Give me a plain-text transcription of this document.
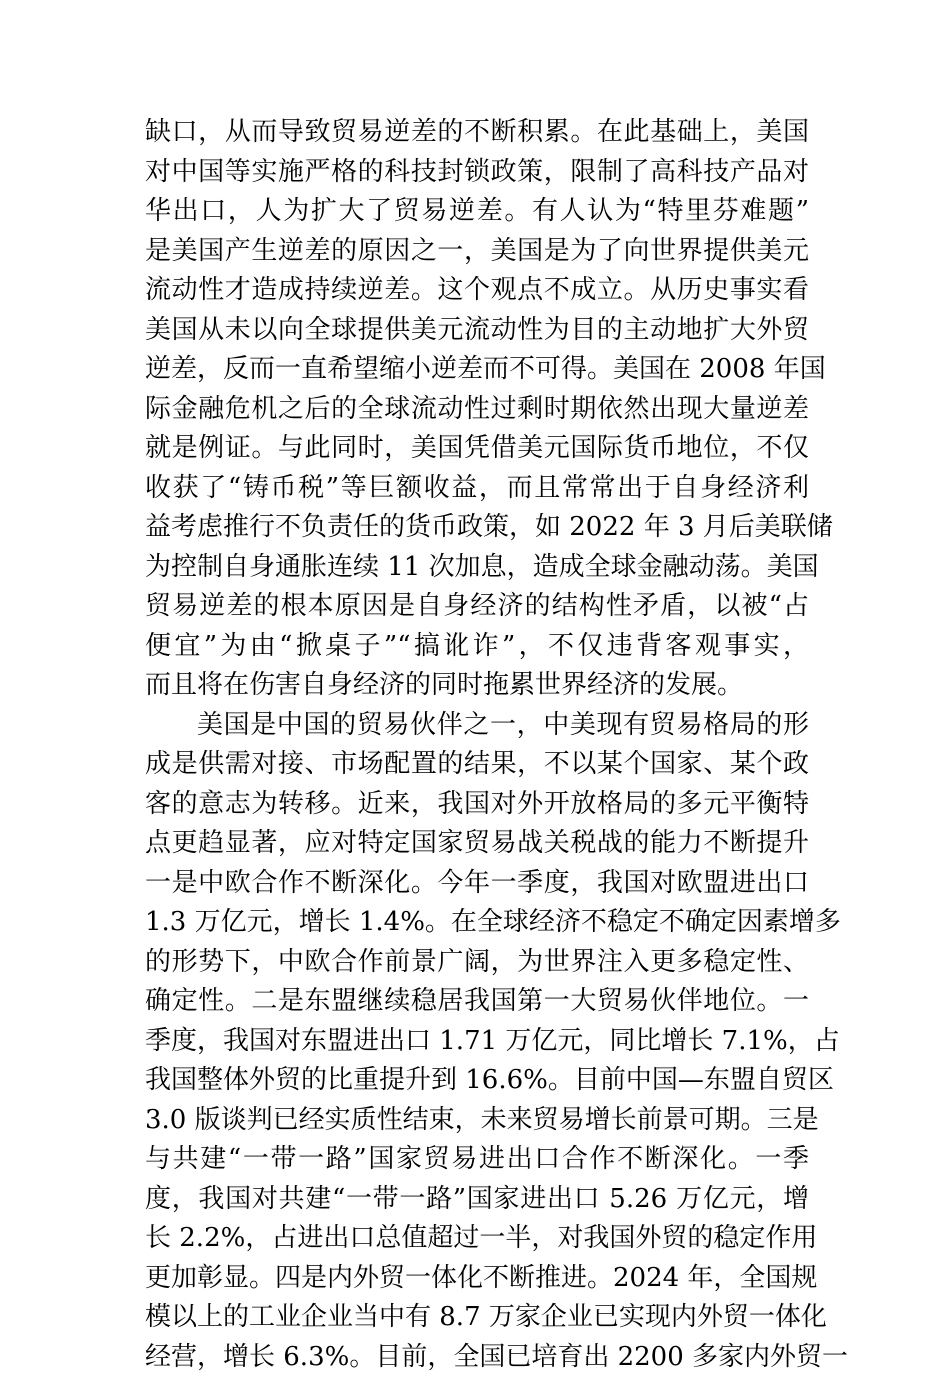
缺口，从而导致贸易逆差的不断积累。在此基础上，美国
对中国等实施严格的科技封锁政策，限制了高科技产品对
华出口，人为扩大了贸易逆差。有人认为“特里芬难题”
是美国产生逆差的原因之一，美国是为了向世界提供美元
流动性才造成持续逆差。这个观点不成立。从历史事实看
美国从未以向全球提供美元流动性为目的主动地扩大外贸
逆差，反而一直希望缩小逆差而不可得。美国在 2008 年国
际金融危机之后的全球流动性过剩时期依然出现大量逆差
就是例证。与此同时，美国凭借美元国际货币地位，不仅
收获了“铸币税”等巨额收益，而且常常出于自身经济利
益考虑推行不负责任的货币政策，如 2022 年 3 月后美联储
为控制自身通胀连续 11 次加息，造成全球金融动荡。美国
贸易逆差的根本原因是自身经济的结构性矛盾，以被“占
便宜”为由“掀桌子”“搞讹诈”，不仅违背客观事实，
而且将在伤害自身经济的同时拖累世界经济的发展。
美国是中国的贸易伙伴之一，中美现有贸易格局的形
成是供需对接、市场配置的结果，不以某个国家、某个政
客的意志为转移。近来，我国对外开放格局的多元平衡特
点更趋显著，应对特定国家贸易战关税战的能力不断提升
一是中欧合作不断深化。今年一季度，我国对欧盟进出口
1.3 万亿元，增长 1.4%。在全球经济不稳定不确定因素增多
的形势下，中欧合作前景广阔，为世界注入更多稳定性、
确定性。二是东盟继续稳居我国第一大贸易伙伴地位。一
季度，我国对东盟进出口 1.71 万亿元，同比增长 7.1%，占
我国整体外贸的比重提升到 16.6%。目前中国—东盟自贸区
3.0 版谈判已经实质性结束，未来贸易增长前景可期。三是
与共建“一带一路”国家贸易进出口合作不断深化。一季
度，我国对共建“一带一路”国家进出口 5.26 万亿元，增
长 2.2%，占进出口总值超过一半，对我国外贸的稳定作用
更加彰显。四是内外贸一体化不断推进。2024 年，全国规
模以上的工业企业当中有 8.7 万家企业已实现内外贸一体化
经营，增长 6.3%。目前，全国已培育出 2200 多家内外贸一
